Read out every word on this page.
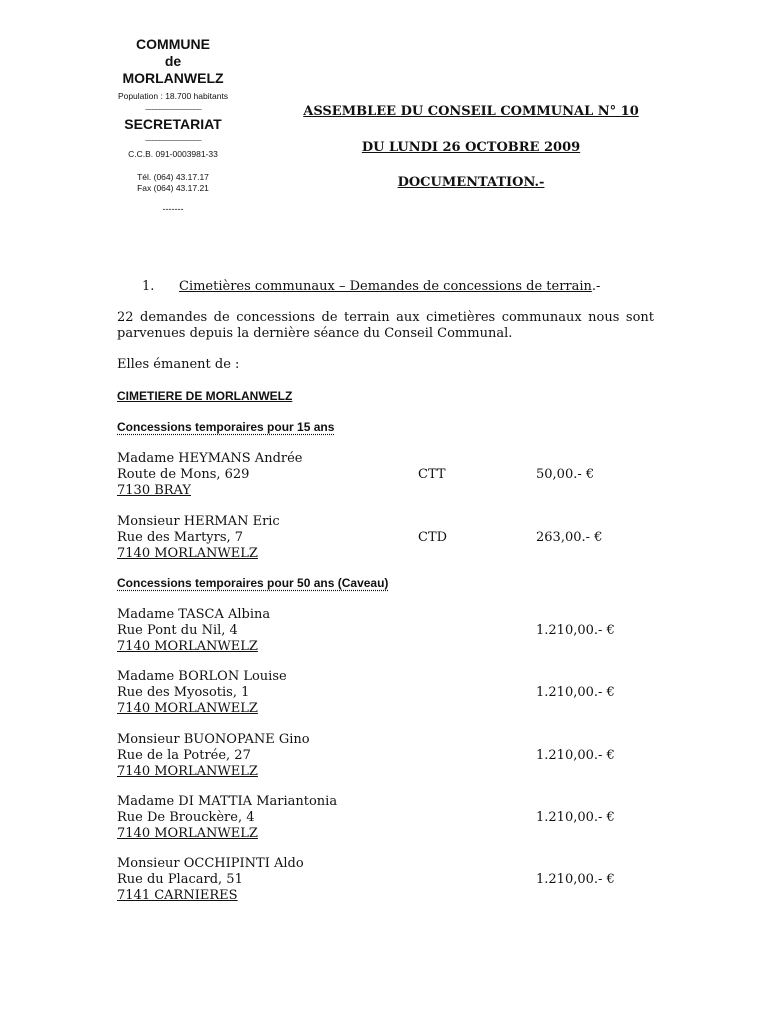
COMMUNE
de
MORLANWELZ
Population : 18.700 habitants
________________
SECRETARIAT
________________
C.C.B. 091-0003981-33
Tél. (064) 43.17.17
Fax (064) 43.17.21
-------
ASSEMBLEE DU CONSEIL COMMUNAL N° 10
DU LUNDI 26 OCTOBRE 2009
DOCUMENTATION.-
1. Cimetières communaux – Demandes de concessions de terrain.-
22 demandes de concessions de terrain aux cimetières communaux nous sont parvenues depuis la dernière séance du Conseil Communal.
Elles émanent de :
CIMETIERE DE MORLANWELZ
Concessions temporaires pour 15 ans
Madame HEYMANS Andrée
Route de Mons, 629
7130 BRAY
CTT	50,00.- €
Monsieur HERMAN Eric
Rue des Martyrs, 7
7140 MORLANWELZ
CTD	263,00.- €
Concessions temporaires pour 50 ans (Caveau)
Madame TASCA Albina
Rue Pont du Nil, 4
7140 MORLANWELZ
1.210,00.- €
Madame BORLON Louise
Rue des Myosotis, 1
7140 MORLANWELZ
1.210,00.- €
Monsieur BUONOPANE Gino
Rue de la Potrée, 27
7140 MORLANWELZ
1.210,00.- €
Madame DI MATTIA Mariantonia
Rue De Brouckère, 4
7140 MORLANWELZ
1.210,00.- €
Monsieur OCCHIPINTI Aldo
Rue du Placard, 51
7141 CARNIERES
1.210,00.- €
